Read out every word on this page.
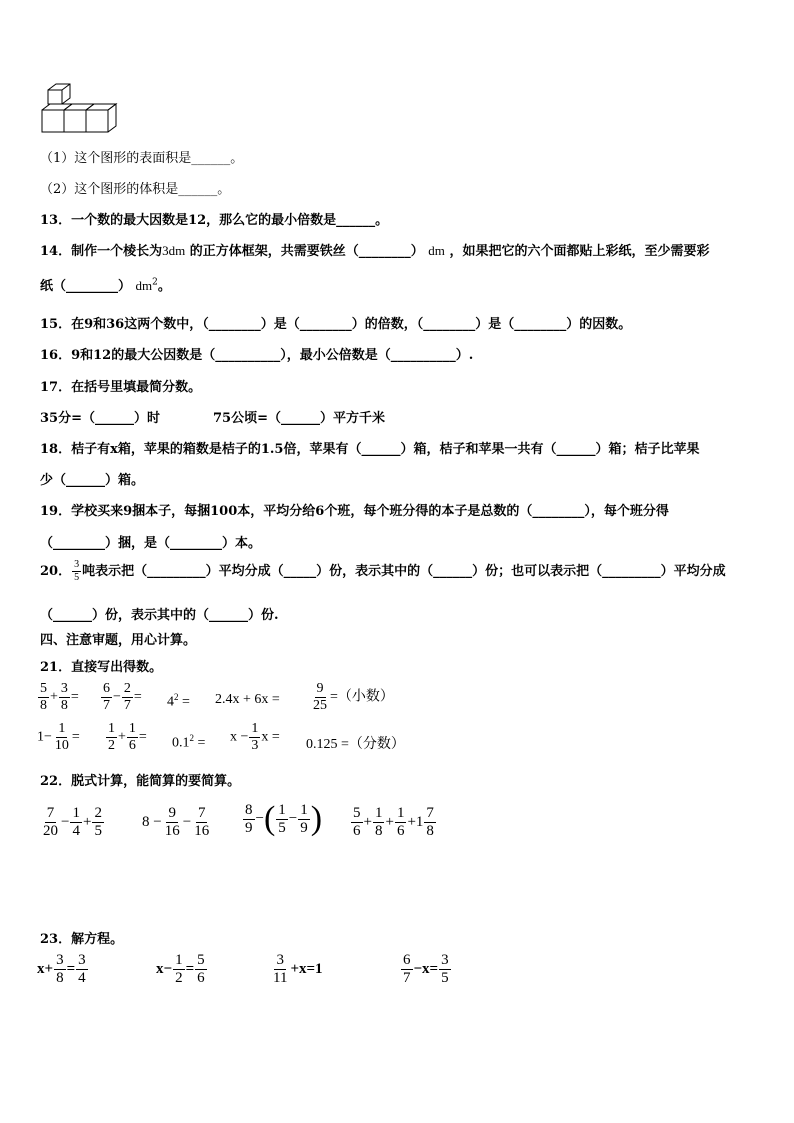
（1）这个图形的表面积是______。
（2）这个图形的体积是______。
13．一个数的最大因数是12，那么它的最小倍数是______。
14．制作一个棱长为3dm 的正方体框架，共需要铁丝（________） dm ，如果把它的六个面都贴上彩纸，至少需要彩
纸（________） $dm^2$。
15．在9和36这两个数中，（________）是（________）的倍数，（________）是（________）的因数。
16．9和12的最大公因数是（__________），最小公倍数是（__________）.
17．在括号里填最简分数。
35分=（______）时	75公顷=（______）平方千米
18．桔子有x箱，苹果的箱数是桔子的1.5倍，苹果有（______）箱，桔子和苹果一共有（______）箱；桔子比苹果
少（______）箱。
19．学校买来9捆本子，每捆100本，平均分给6个班，每个班分得的本子是总数的（________），每个班分得
（________）捆，是（________）本。
20． $\frac{3}{5}$ 吨表示把（_________）平均分成（_____）份，表示其中的（______）份；也可以表示把（_________）平均分成
（______）份，表示其中的（______）份.
四、注意审题，用心计算。
21．直接写出得数。
$\frac{5}{8} + \frac{3}{8} = \frac{6}{7} - \frac{2}{7} = 4^2 = 2.4x + 6x = \frac{9}{25}$ =（小数）
$1- \frac{1}{10} = \frac{1}{2} + \frac{1}{6} = 0.1^2 = x - \frac{1}{3}$ x = 0.125 =（分数）
22．脱式计算，能简算的要简算。
$\frac{7}{20} - \frac{1}{4} + \frac{2}{5}$	$8 - \frac{9}{16} - \frac{7}{16} \frac{8}{9}$ −( $\frac{1}{5} - \frac{1}{9}$ ) $\frac{5}{6} + \frac{1}{8} + \frac{1}{6} +1 \frac{7}{8}$
23．解方程。
$x+ \frac{3}{8} = \frac{3}{4}$	$x- \frac{1}{2} = \frac{5}{6}$	$\frac{3}{11} +x=1$	$\frac{6}{7} -x= \frac{3}{5}$
